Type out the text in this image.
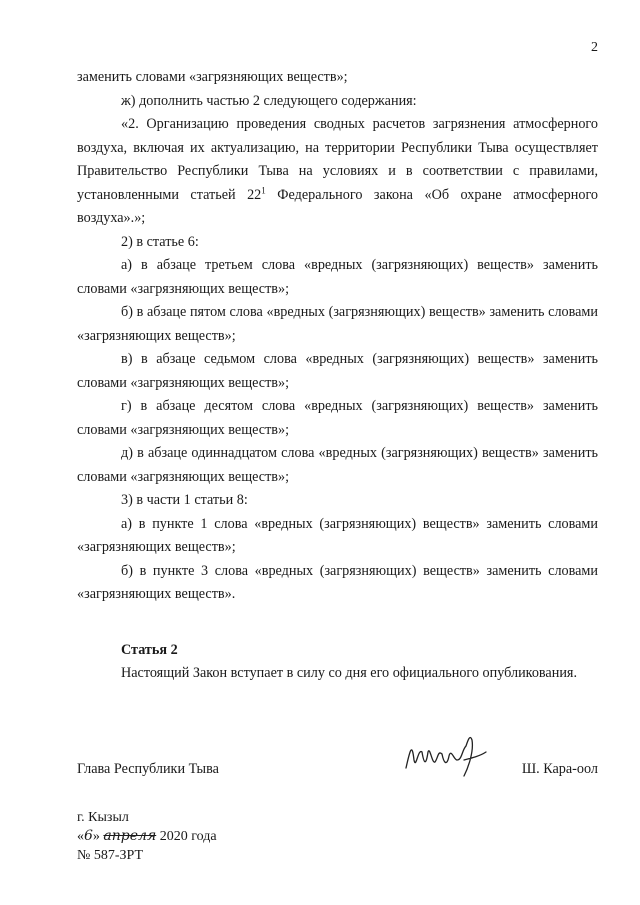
2

заменить словами «загрязняющих веществ»;

ж) дополнить частью 2 следующего содержания:

«2. Организацию проведения сводных расчетов загрязнения атмосферного воздуха, включая их актуализацию, на территории Республики Тыва осуществляет Правительство Республики Тыва на условиях и в соответствии с правилами, установленными статьей $22^1$ Федерального закона «Об охране атмосферного воздуха».»;

2) в статье 6:

а) в абзаце третьем слова «вредных (загрязняющих) веществ» заменить словами «загрязняющих веществ»;

б) в абзаце пятом слова «вредных (загрязняющих) веществ» заменить словами «загрязняющих веществ»;

в) в абзаце седьмом слова «вредных (загрязняющих) веществ» заменить словами «загрязняющих веществ»;

г) в абзаце десятом слова «вредных (загрязняющих) веществ» заменить словами «загрязняющих веществ»;

д) в абзаце одиннадцатом слова «вредных (загрязняющих) веществ» заменить словами «загрязняющих веществ»;

3) в части 1 статьи 8:

а) в пункте 1 слова «вредных (загрязняющих) веществ» заменить словами «загрязняющих веществ»;

б) в пункте 3 слова «вредных (загрязняющих) веществ» заменить словами «загрязняющих веществ».

Статья 2

Настоящий Закон вступает в силу со дня его официального опубликования.

Глава Республики Тыва	Ш. Кара-оол
г. Кызыл
«6» апреля 2020 года
№ 587-ЗРТ
